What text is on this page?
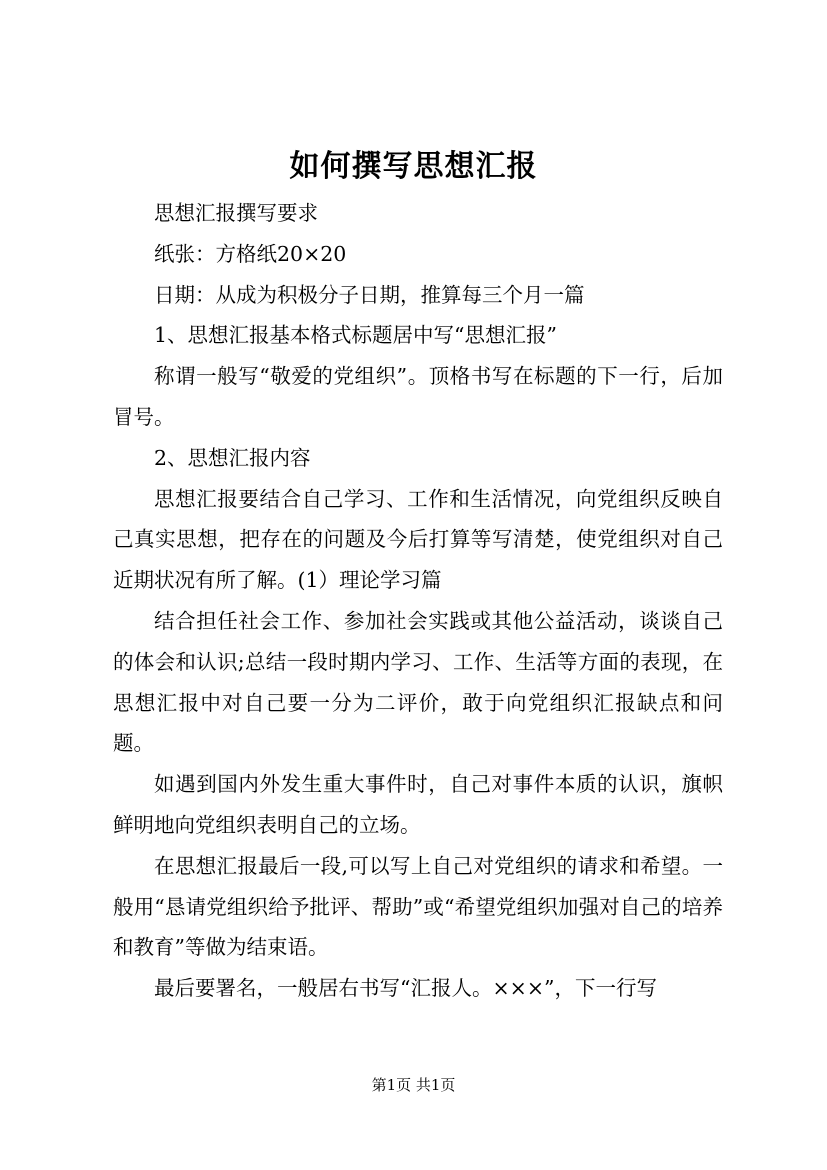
如何撰写思想汇报

思想汇报撰写要求

纸张：方格纸20×20

日期：从成为积极分子日期，推算每三个月一篇

1、思想汇报基本格式标题居中写“思想汇报”

称谓一般写“敬爱的党组织”。顶格书写在标题的下一行，后加冒号。

2、思想汇报内容

思想汇报要结合自己学习、工作和生活情况，向党组织反映自己真实思想，把存在的问题及今后打算等写清楚，使党组织对自己近期状况有所了解。(1）理论学习篇

结合担任社会工作、参加社会实践或其他公益活动，谈谈自己的体会和认识;总结一段时期内学习、工作、生活等方面的表现，在思想汇报中对自己要一分为二评价，敢于向党组织汇报缺点和问题。

如遇到国内外发生重大事件时，自己对事件本质的认识，旗帜鲜明地向党组织表明自己的立场。

在思想汇报最后一段,可以写上自己对党组织的请求和希望。一般用“恳请党组织给予批评、帮助”或“希望党组织加强对自己的培养和教育”等做为结束语。

最后要署名，一般居右书写“汇报人。×××”，下一行写

第1页 共1页
